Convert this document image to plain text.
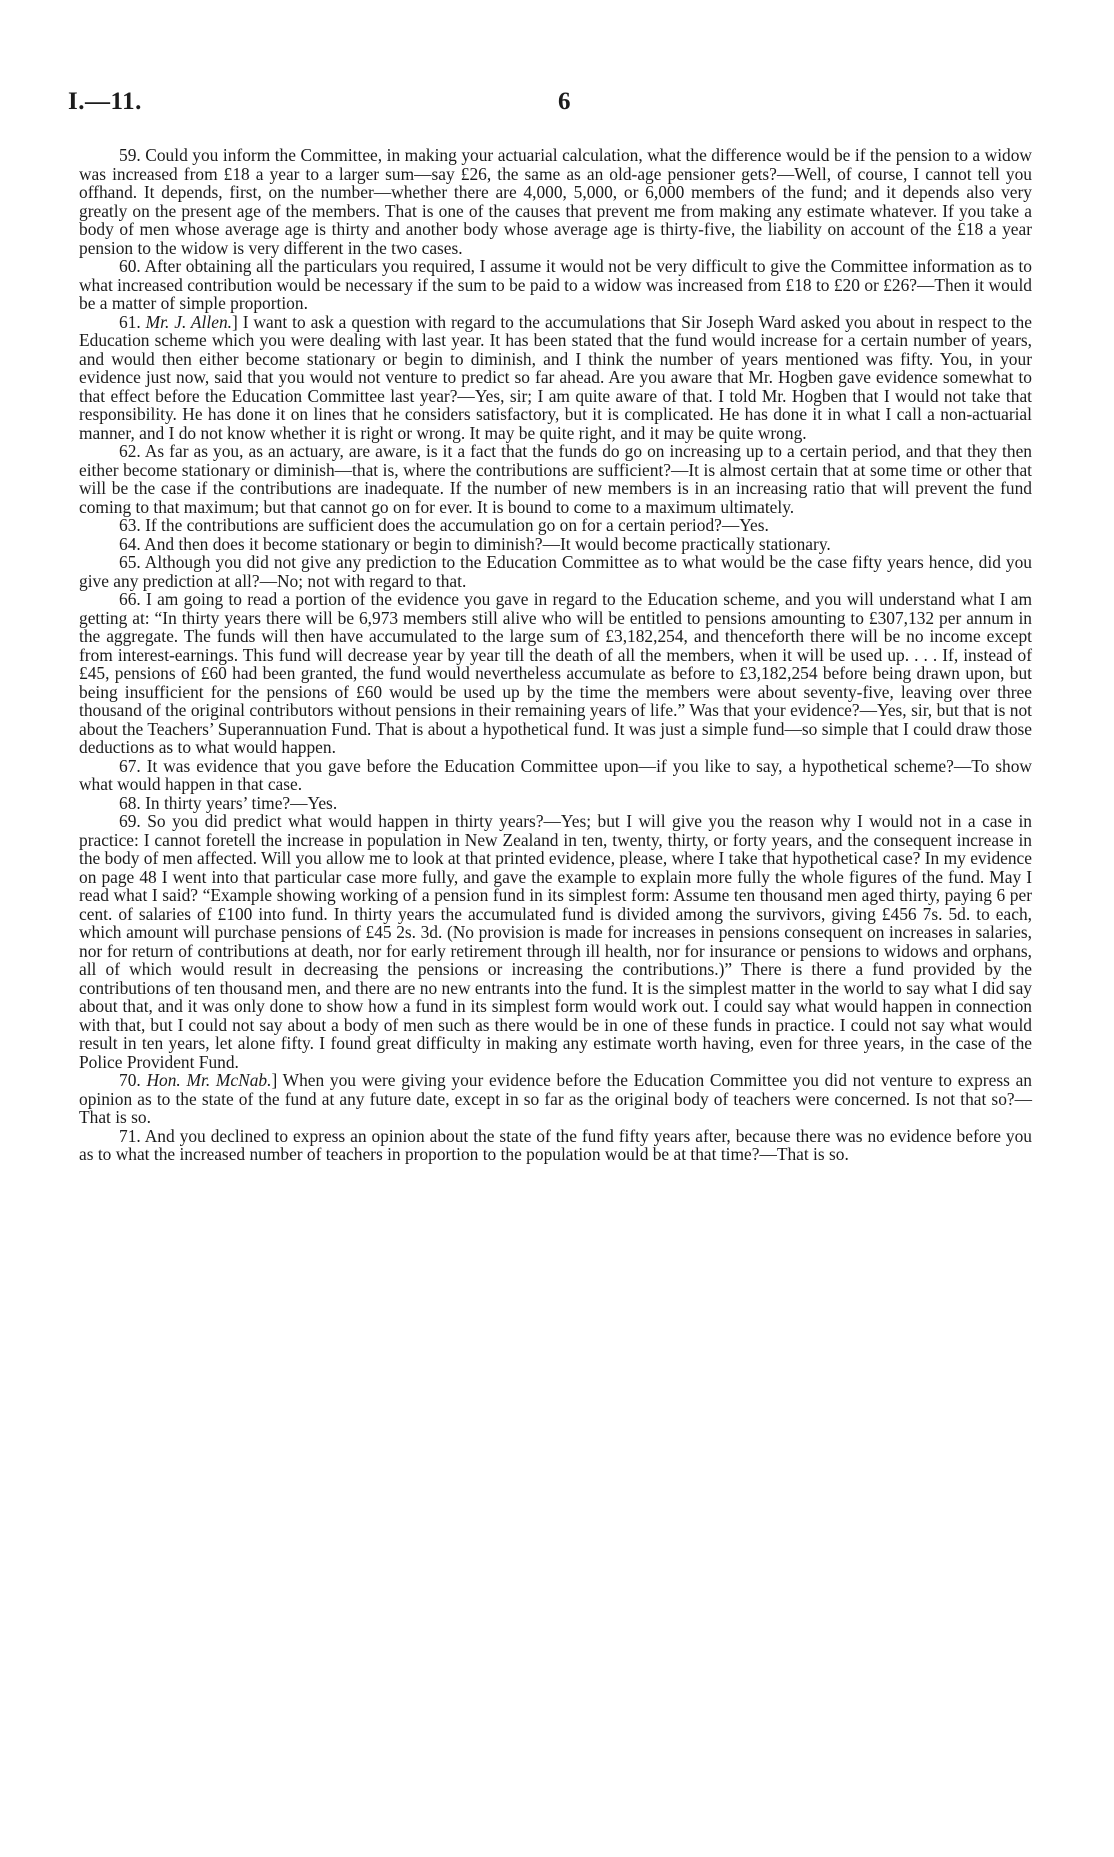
I.—11.	6

59. Could you inform the Committee, in making your actuarial calculation, what the difference would be if the pension to a widow was increased from £18 a year to a larger sum—say £26, the same as an old-age pensioner gets?—Well, of course, I cannot tell you offhand. It depends, first, on the number—whether there are 4,000, 5,000, or 6,000 members of the fund; and it depends also very greatly on the present age of the members. That is one of the causes that prevent me from making any estimate whatever. If you take a body of men whose average age is thirty and another body whose average age is thirty-five, the liability on account of the £18 a year pension to the widow is very different in the two cases.

60. After obtaining all the particulars you required, I assume it would not be very difficult to give the Committee information as to what increased contribution would be necessary if the sum to be paid to a widow was increased from £18 to £20 or £26?—Then it would be a matter of simple proportion.

61. Mr. J. Allen.] I want to ask a question with regard to the accumulations that Sir Joseph Ward asked you about in respect to the Education scheme which you were dealing with last year. It has been stated that the fund would increase for a certain number of years, and would then either become stationary or begin to diminish, and I think the number of years mentioned was fifty. You, in your evidence just now, said that you would not venture to predict so far ahead. Are you aware that Mr. Hogben gave evidence somewhat to that effect before the Education Committee last year?—Yes, sir; I am quite aware of that. I told Mr. Hogben that I would not take that responsibility. He has done it on lines that he considers satisfactory, but it is complicated. He has done it in what I call a non-actuarial manner, and I do not know whether it is right or wrong. It may be quite right, and it may be quite wrong.

62. As far as you, as an actuary, are aware, is it a fact that the funds do go on increasing up to a certain period, and that they then either become stationary or diminish—that is, where the contributions are sufficient?—It is almost certain that at some time or other that will be the case if the contributions are inadequate. If the number of new members is in an increasing ratio that will prevent the fund coming to that maximum; but that cannot go on for ever. It is bound to come to a maximum ultimately.

63. If the contributions are sufficient does the accumulation go on for a certain period?—Yes.

64. And then does it become stationary or begin to diminish?—It would become practically stationary.

65. Although you did not give any prediction to the Education Committee as to what would be the case fifty years hence, did you give any prediction at all?—No; not with regard to that.

66. I am going to read a portion of the evidence you gave in regard to the Education scheme, and you will understand what I am getting at: “In thirty years there will be 6,973 members still alive who will be entitled to pensions amounting to £307,132 per annum in the aggregate. The funds will then have accumulated to the large sum of £3,182,254, and thenceforth there will be no income except from interest-earnings. This fund will decrease year by year till the death of all the members, when it will be used up. . . . If, instead of £45, pensions of £60 had been granted, the fund would nevertheless accumulate as before to £3,182,254 before being drawn upon, but being insufficient for the pensions of £60 would be used up by the time the members were about seventy-five, leaving over three thousand of the original contributors without pensions in their remaining years of life.” Was that your evidence?—Yes, sir, but that is not about the Teachers’ Superannuation Fund. That is about a hypothetical fund. It was just a simple fund—so simple that I could draw those deductions as to what would happen.

67. It was evidence that you gave before the Education Committee upon—if you like to say, a hypothetical scheme?—To show what would happen in that case.

68. In thirty years’ time?—Yes.

69. So you did predict what would happen in thirty years?—Yes; but I will give you the reason why I would not in a case in practice: I cannot foretell the increase in population in New Zealand in ten, twenty, thirty, or forty years, and the consequent increase in the body of men affected. Will you allow me to look at that printed evidence, please, where I take that hypothetical case? In my evidence on page 48 I went into that particular case more fully, and gave the example to explain more fully the whole figures of the fund. May I read what I said? “Example showing working of a pension fund in its simplest form: Assume ten thousand men aged thirty, paying 6 per cent. of salaries of £100 into fund. In thirty years the accumulated fund is divided among the survivors, giving £456 7s. 5d. to each, which amount will purchase pensions of £45 2s. 3d. (No provision is made for increases in pensions consequent on increases in salaries, nor for return of contributions at death, nor for early retirement through ill health, nor for insurance or pensions to widows and orphans, all of which would result in decreasing the pensions or increasing the contributions.)” There is there a fund provided by the contributions of ten thousand men, and there are no new entrants into the fund. It is the simplest matter in the world to say what I did say about that, and it was only done to show how a fund in its simplest form would work out. I could say what would happen in connection with that, but I could not say about a body of men such as there would be in one of these funds in practice. I could not say what would result in ten years, let alone fifty. I found great difficulty in making any estimate worth having, even for three years, in the case of the Police Provident Fund.

70. Hon. Mr. McNab.] When you were giving your evidence before the Education Committee you did not venture to express an opinion as to the state of the fund at any future date, except in so far as the original body of teachers were concerned. Is not that so?—That is so.

71. And you declined to express an opinion about the state of the fund fifty years after, because there was no evidence before you as to what the increased number of teachers in proportion to the population would be at that time?—That is so.
